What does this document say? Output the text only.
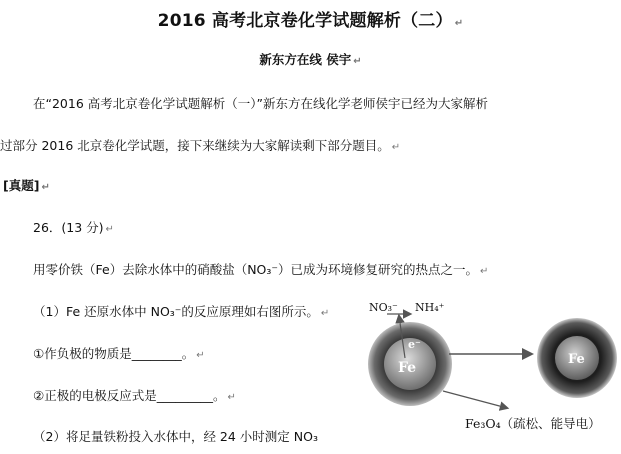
2016 高考北京卷化学试题解析（二） ↵
新东方在线 侯宇 ↵
在“2016 高考北京卷化学试题解析（一）”新东方在线化学老师侯宇已经为大家解析
过部分 2016 北京卷化学试题，接下来继续为大家解读剩下部分题目。 ↵
[真题] ↵
26．(13 分) ↵
用零价铁（Fe）去除水体中的硝酸盐（NO₃⁻）已成为环境修复研究的热点之一。 ↵
（1）Fe 还原水体中 NO₃⁻的反应原理如右图所示。 ↵
①作负极的物质是________。 ↵
②正极的电极反应式是_________。 ↵
（2）将足量铁粉投入水体中，经 24 小时测定 NO₃
NO₃⁻ NH₄⁺
e⁻
Fe
Fe
Fe₃O₄（疏松、能导电）
